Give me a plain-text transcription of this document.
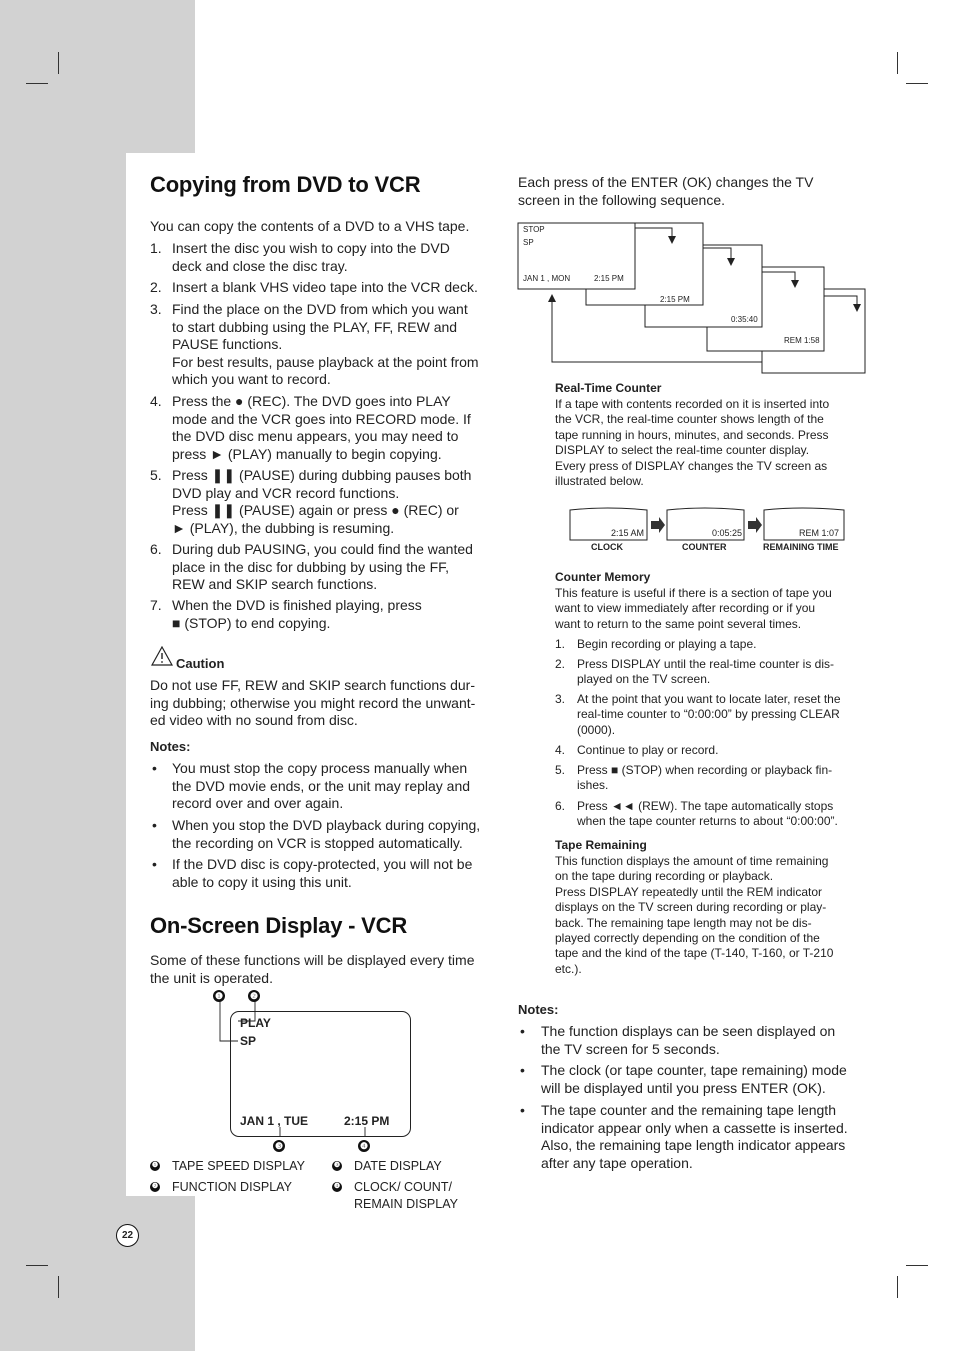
Copying from DVD to VCR

You can copy the contents of a DVD to a VHS tape.

1. Insert the disc you wish to copy into the DVD
deck and close the disc tray.
2. Insert a blank VHS video tape into the VCR deck.
3. Find the place on the DVD from which you want
to start dubbing using the PLAY, FF, REW and
PAUSE functions.
For best results, pause playback at the point from
which you want to record.
4. Press the ● (REC). The DVD goes into PLAY
mode and the VCR goes into RECORD mode. If
the DVD disc menu appears, you may need to
press ► (PLAY) manually to begin copying.
5. Press ❚❚ (PAUSE) during dubbing pauses both
DVD play and VCR record functions.
Press ❚❚ (PAUSE) again or press ● (REC) or
► (PLAY), the dubbing is resuming.
6. During dub PAUSING, you could find the wanted
place in the disc for dubbing by using the FF,
REW and SKIP search functions.
7. When the DVD is finished playing, press
■ (STOP) to end copying.

Caution

Do not use FF, REW and SKIP search functions dur-
ing dubbing; otherwise you might record the unwant-
ed video with no sound from disc.

Notes:

• You must stop the copy process manually when
the DVD movie ends, or the unit may replay and
record over and over again.
• When you stop the DVD playback during copying,
the recording on VCR is stopped automatically.
• If the DVD disc is copy-protected, you will not be
able to copy it using this unit.
On-Screen Display - VCR
Some of these functions will be displayed every time
the unit is operated.
PLAY
SP
JAN 1 , TUE	2:15 PM
❶	❷
❸	❹
❶ TAPE SPEED DISPLAY
❷ FUNCTION DISPLAY
❸ DATE DISPLAY
❹ CLOCK/ COUNT/
REMAIN DISPLAY
22
Each press of the ENTER (OK) changes the TV
screen in the following sequence.
STOP
SP
JAN 1 , MON	2:15 PM
2:15 PM
0:35:40
REM 1:58
Real-Time Counter
If a tape with contents recorded on it is inserted into
the VCR, the real-time counter shows length of the
tape running in hours, minutes, and seconds. Press
DISPLAY to select the real-time counter display.
Every press of DISPLAY changes the TV screen as
illustrated below.
2:15 AM	0:05:25	REM 1:07
CLOCK	COUNTER	REMAINING TIME
Counter Memory
This feature is useful if there is a section of tape you
want to view immediately after recording or if you
want to return to the same point several times.
1. Begin recording or playing a tape.
2. Press DISPLAY until the real-time counter is dis-
played on the TV screen.
3. At the point that you want to locate later, reset the
real-time counter to “0:00:00” by pressing CLEAR
(0000).
4. Continue to play or record.
5. Press ■ (STOP) when recording or playback fin-
ishes.
6. Press ◄◄ (REW). The tape automatically stops
when the tape counter returns to about “0:00:00”.
Tape Remaining
This function displays the amount of time remaining
on the tape during recording or playback.
Press DISPLAY repeatedly until the REM indicator
displays on the TV screen during recording or play-
back. The remaining tape length may not be dis-
played correctly depending on the condition of the
tape and the kind of the tape (T-140, T-160, or T-210
etc.).

Notes:

• The function displays can be seen displayed on
the TV screen for 5 seconds.
• The clock (or tape counter, tape remaining) mode
will be displayed until you press ENTER (OK).
• The tape counter and the remaining tape length
indicator appear only when a cassette is inserted.
Also, the remaining tape length indicator appears
after any tape operation.
